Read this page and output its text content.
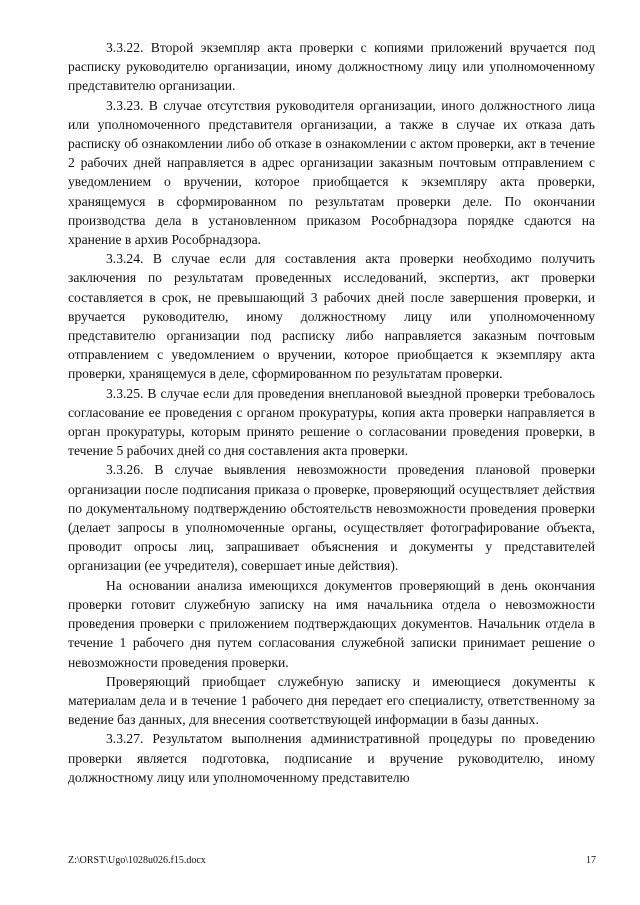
3.3.22. Второй экземпляр акта проверки с копиями приложений вручается под расписку руководителю организации, иному должностному лицу или уполномоченному представителю организации.

3.3.23. В случае отсутствия руководителя организации, иного должностного лица или уполномоченного представителя организации, а также в случае их отказа дать расписку об ознакомлении либо об отказе в ознакомлении с актом проверки, акт в течение 2 рабочих дней направляется в адрес организации заказным почтовым отправлением с уведомлением о вручении, которое приобщается к экземпляру акта проверки, хранящемуся в сформированном по результатам проверки деле. По окончании производства дела в установленном приказом Рособрнадзора порядке сдаются на хранение в архив Рособрнадзора.

3.3.24. В случае если для составления акта проверки необходимо получить заключения по результатам проведенных исследований, экспертиз, акт проверки составляется в срок, не превышающий 3 рабочих дней после завершения проверки, и вручается руководителю, иному должностному лицу или уполномоченному представителю организации под расписку либо направляется заказным почтовым отправлением с уведомлением о вручении, которое приобщается к экземпляру акта проверки, хранящемуся в деле, сформированном по результатам проверки.

3.3.25. В случае если для проведения внеплановой выездной проверки требовалось согласование ее проведения с органом прокуратуры, копия акта проверки направляется в орган прокуратуры, которым принято решение о согласовании проведения проверки, в течение 5 рабочих дней со дня составления акта проверки.

3.3.26. В случае выявления невозможности проведения плановой проверки организации после подписания приказа о проверке, проверяющий осуществляет действия по документальному подтверждению обстоятельств невозможности проведения проверки (делает запросы в уполномоченные органы, осуществляет фотографирование объекта, проводит опросы лиц, запрашивает объяснения и документы у представителей организации (ее учредителя), совершает иные действия).

На основании анализа имеющихся документов проверяющий в день окончания проверки готовит служебную записку на имя начальника отдела о невозможности проведения проверки с приложением подтверждающих документов. Начальник отдела в течение 1 рабочего дня путем согласования служебной записки принимает решение о невозможности проведения проверки.

Проверяющий приобщает служебную записку и имеющиеся документы к материалам дела и в течение 1 рабочего дня передает его специалисту, ответственному за ведение баз данных, для внесения соответствующей информации в базы данных.

3.3.27. Результатом выполнения административной процедуры по проведению проверки является подготовка, подписание и вручение руководителю, иному должностному лицу или уполномоченному представителю

Z:\ORST\Ugo\1028u026.f15.docx	17
